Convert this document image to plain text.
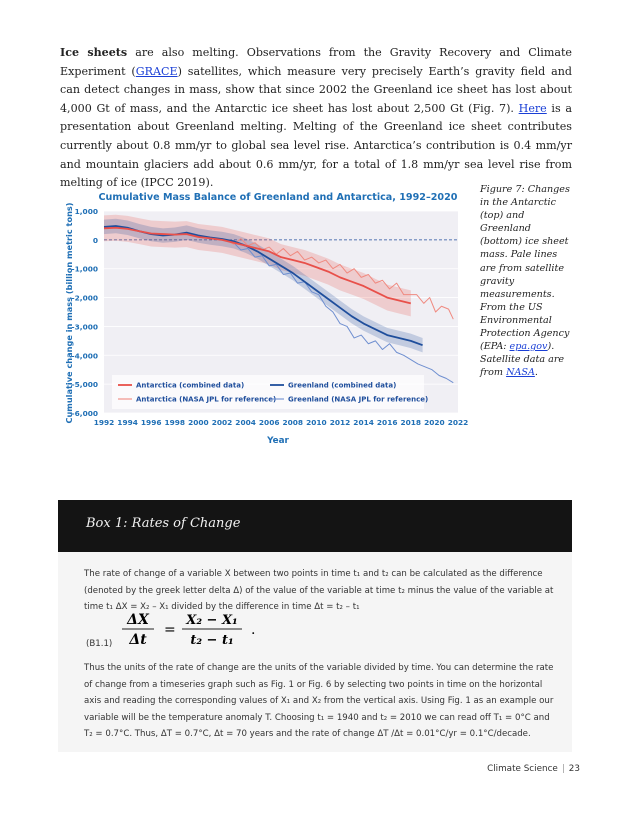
Ice sheets are also melting. Observations from the Gravity Recovery and Climate Experiment (GRACE) satellites, which measure very precisely Earth’s gravity field and can detect changes in mass, show that since 2002 the Greenland ice sheet has lost about 4,000 Gt of mass, and the Antarctic ice sheet has lost about 2,500 Gt (Fig. 7). Here is a presentation about Greenland melting. Melting of the Greenland ice sheet contributes currently about 0.8 mm/yr to global sea level rise. Antarctica’s contribution is 0.4 mm/yr and mountain glaciers add about 0.6 mm/yr, for a total of 1.8 mm/yr sea level rise from melting of ice (IPCC 2019).
Cumulative Mass Balance of Greenland and Antarctica, 1992–2020
Cumulative change in mass (billion metric tons)
Year
1,000
0
-1,000
-2,000
-3,000
-4,000
-5,000
-6,000
1992 1994 1996 1998 2000 2002 2004 2006 2008 2010 2012 2014 2016 2018 2020 2022
Antarctica (combined data)	Greenland (combined data)
Antarctica (NASA JPL for reference) Greenland (NASA JPL for reference)
Figure 7: Changes in the Antarctic (top) and Greenland (bottom) ice sheet mass. Pale lines are from satellite gravity measurements. From the US Environmental Protection Agency (EPA: epa.gov). Satellite data are from NASA.
Box 1: Rates of Change
The rate of change of a variable X between two points in time t₁ and t₂ can be calculated as the difference (denoted by the greek letter delta Δ) of the value of the variable at time t₂ minus the value of the variable at time t₁ ΔX = X₂ – X₁ divided by the difference in time Δt = t₂ – t₁
ΔX
Δt
=
X₂ − X₁
t₂ − t₁
.
(B1.1)
Thus the units of the rate of change are the units of the variable divided by time. You can determine the rate of change from a timeseries graph such as Fig. 1 or Fig. 6 by selecting two points in time on the horizontal axis and reading the corresponding values of X₁ and X₂ from the vertical axis. Using Fig. 1 as an example our variable will be the temperature anomaly T. Choosing t₁ = 1940 and t₂ = 2010 we can read off T₁ = 0°C and T₂ = 0.7°C. Thus, ΔT = 0.7°C, Δt = 70 years and the rate of change ΔT /Δt = 0.01°C/yr = 0.1°C/decade.
Climate Science | 23
